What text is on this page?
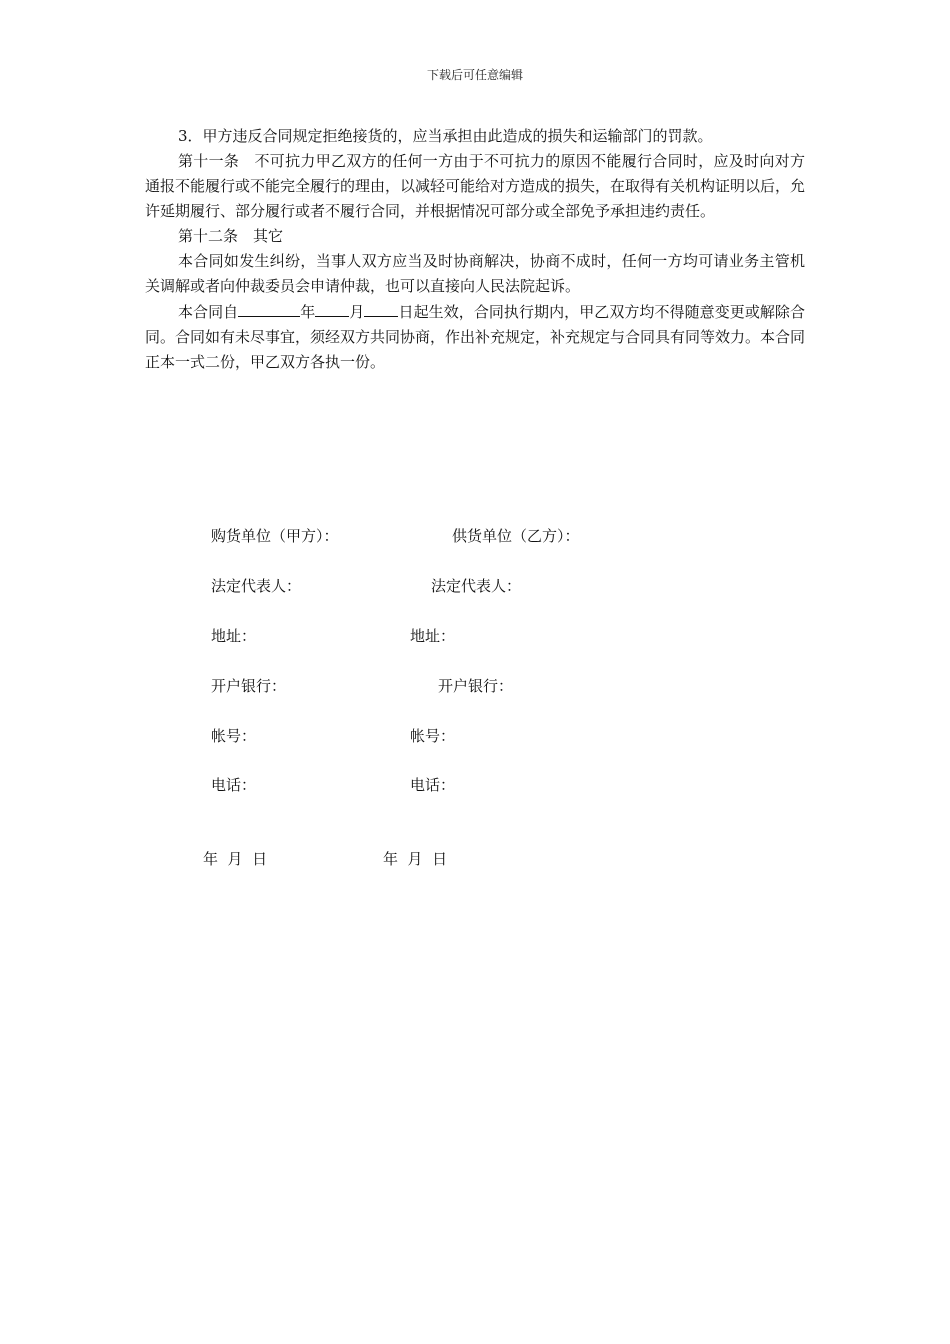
下载后可任意编辑

3．甲方违反合同规定拒绝接货的，应当承担由此造成的损失和运输部门的罚款。

第十一条　不可抗力甲乙双方的任何一方由于不可抗力的原因不能履行合同时，应及时向对方通报不能履行或不能完全履行的理由，以减轻可能给对方造成的损失，在取得有关机构证明以后，允许延期履行、部分履行或者不履行合同，并根据情况可部分或全部免予承担违约责任。

第十二条　其它

本合同如发生纠纷，当事人双方应当及时协商解决，协商不成时，任何一方均可请业务主管机关调解或者向仲裁委员会申请仲裁，也可以直接向人民法院起诉。

本合同自	年 月 日起生效，合同执行期内，甲乙双方均不得随意变更或解除合同。合同如有未尽事宜，须经双方共同协商，作出补充规定，补充规定与合同具有同等效力。本合同正本一式二份，甲乙双方各执一份。

购货单位（甲方）：	供货单位（乙方）：
法定代表人：	法定代表人：
地址：	地址：
开户银行：	开户银行：
帐号：	帐号：
电话：	电话：
年  月  日	年  月  日
